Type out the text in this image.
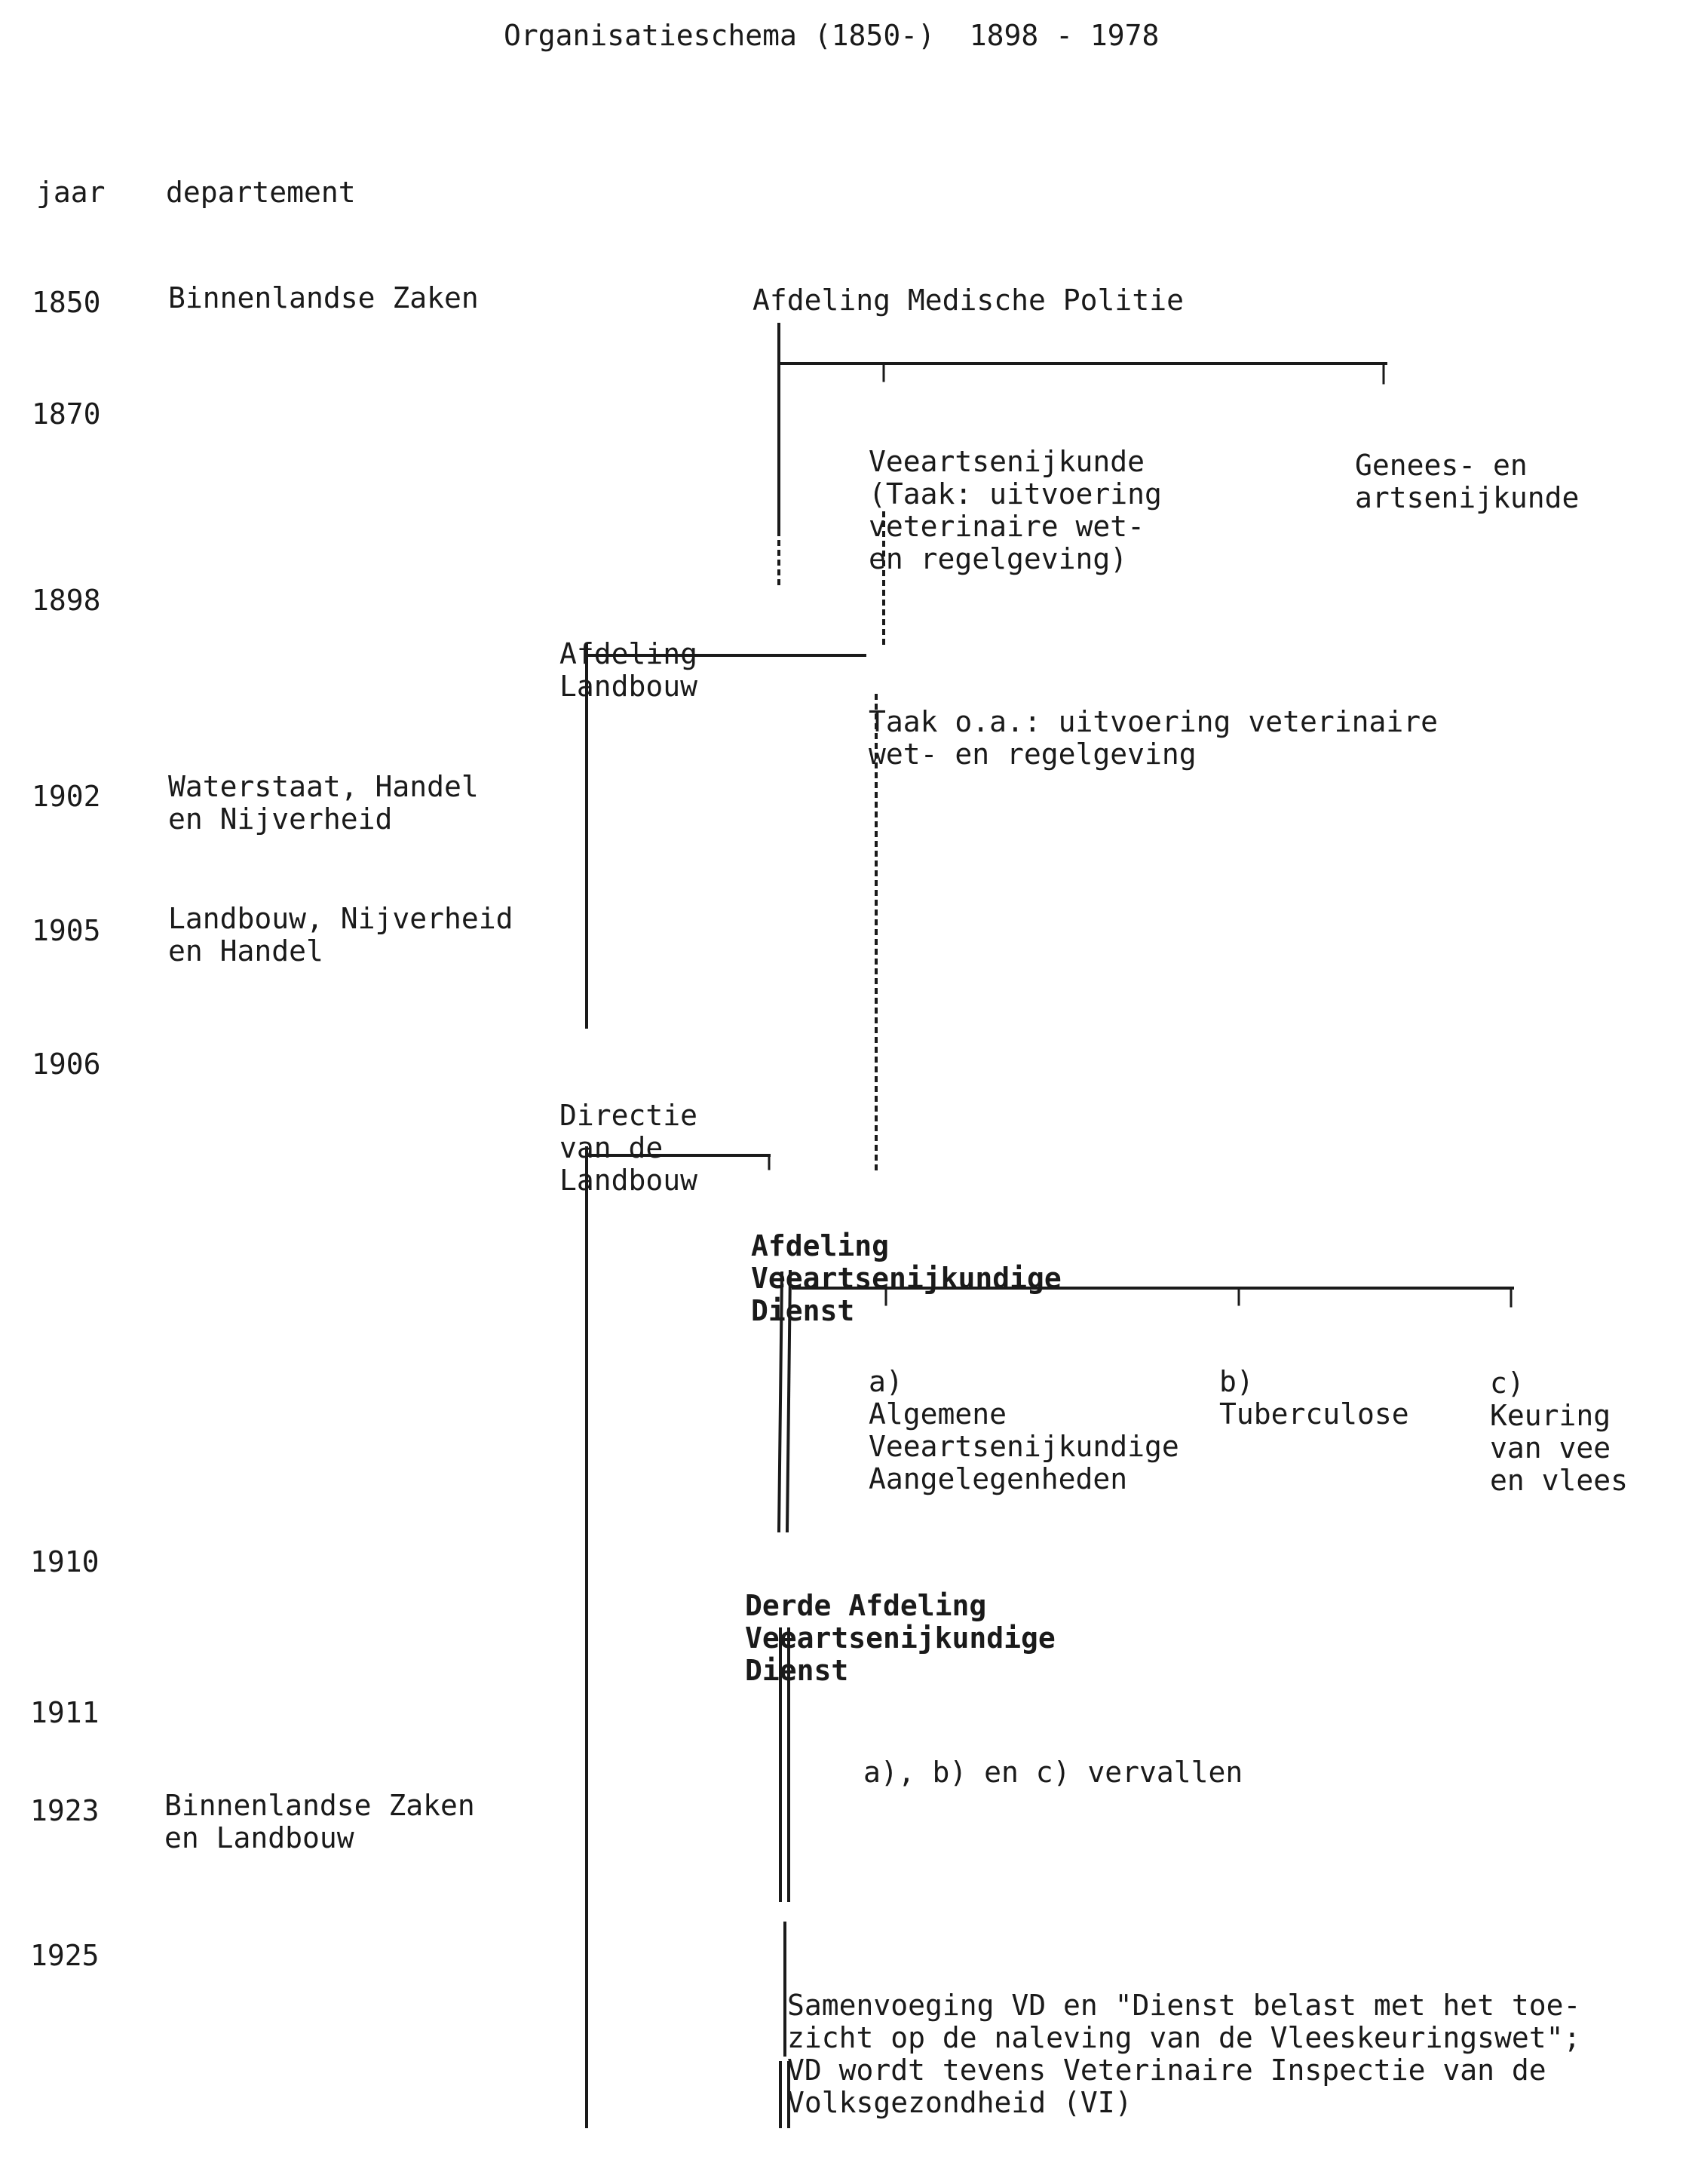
Organisatieschema (1850-)  1898 - 1978
jaar departement
1850
1870
1898
1902
1905
1906
1910
1911
1923
1925
Binnenlandse Zaken
Waterstaat, Handel
en Nijverheid
Landbouw, Nijverheid
en Handel
Binnenlandse Zaken
en Landbouw
Afdeling Medische Politie

Veeartsenijkunde
(Taak: uitvoering
veterinaire wet-
en regelgeving)

Genees- en
artsenijkunde

Afdeling
Landbouw

Taak o.a.: uitvoering veterinaire
wet- en regelgeving

Directie
van de
Landbouw

Afdeling
Veeartsenijkundige
Dienst

a)
Algemene
Veeartsenijkundige
Aangelegenheden

b)
Tuberculose

c)
Keuring
van vee
en vlees

Derde Afdeling
Veeartsenijkundige
Dienst

a), b) en c) vervallen

Samenvoeging VD en "Dienst belast met het toe-
zicht op de naleving van de Vleeskeuringswet";
VD wordt tevens Veterinaire Inspectie van de
Volksgezondheid (VI)
